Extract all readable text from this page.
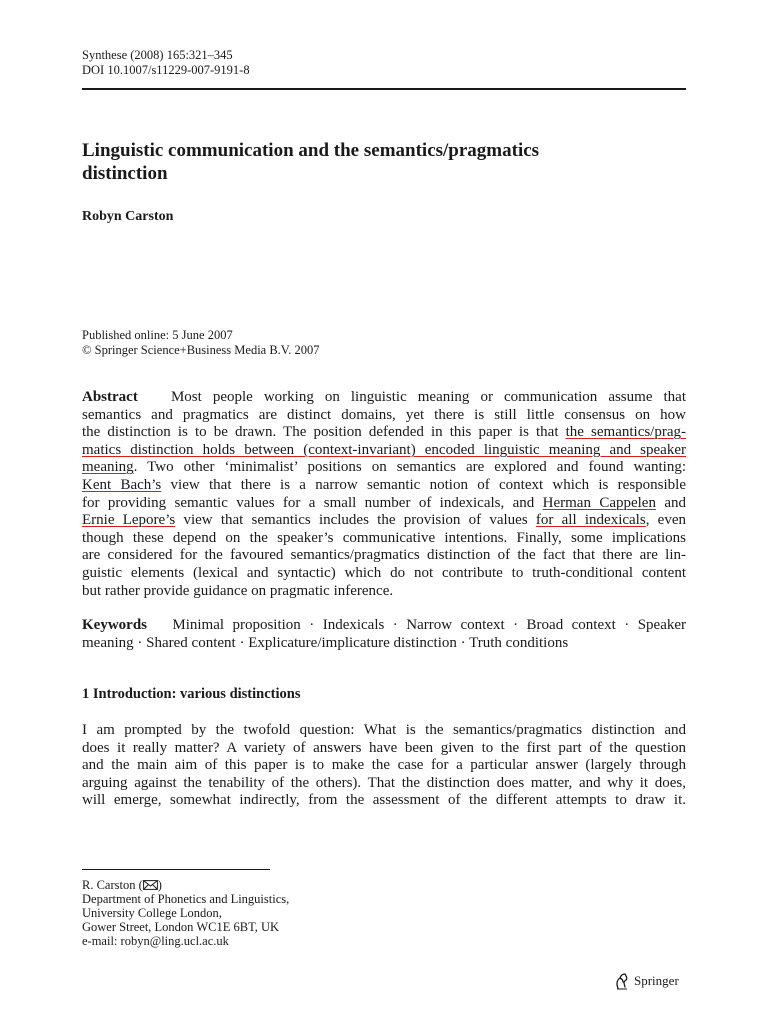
Synthese (2008) 165:321–345
DOI 10.1007/s11229-007-9191-8
Linguistic communication and the semantics/pragmatics
distinction
Robyn Carston
Published online: 5 June 2007
© Springer Science+Business Media B.V. 2007
Abstract Most people working on linguistic meaning or communication assume that
semantics and pragmatics are distinct domains, yet there is still little consensus on how
the distinction is to be drawn. The position defended in this paper is that the semantics/prag-
matics distinction holds between (context-invariant) encoded linguistic meaning and speaker
meaning. Two other ‘minimalist’ positions on semantics are explored and found wanting:
Kent Bach’s view that there is a narrow semantic notion of context which is responsible
for providing semantic values for a small number of indexicals, and Herman Cappelen and
Ernie Lepore’s view that semantics includes the provision of values for all indexicals, even
though these depend on the speaker’s communicative intentions. Finally, some implications
are considered for the favoured semantics/pragmatics distinction of the fact that there are lin-
guistic elements (lexical and syntactic) which do not contribute to truth-conditional content
but rather provide guidance on pragmatic inference.
Keywords Minimal proposition · Indexicals · Narrow context · Broad context · Speaker
meaning · Shared content · Explicature/implicature distinction · Truth conditions
1 Introduction: various distinctions
I am prompted by the twofold question: What is the semantics/pragmatics distinction and
does it really matter? A variety of answers have been given to the first part of the question
and the main aim of this paper is to make the case for a particular answer (largely through
arguing against the tenability of the others). That the distinction does matter, and why it does,
will emerge, somewhat indirectly, from the assessment of the different attempts to draw it.
R. Carston ( )
Department of Phonetics and Linguistics,
University College London,
Gower Street, London WC1E 6BT, UK
e-mail: robyn@ling.ucl.ac.uk
Springer
